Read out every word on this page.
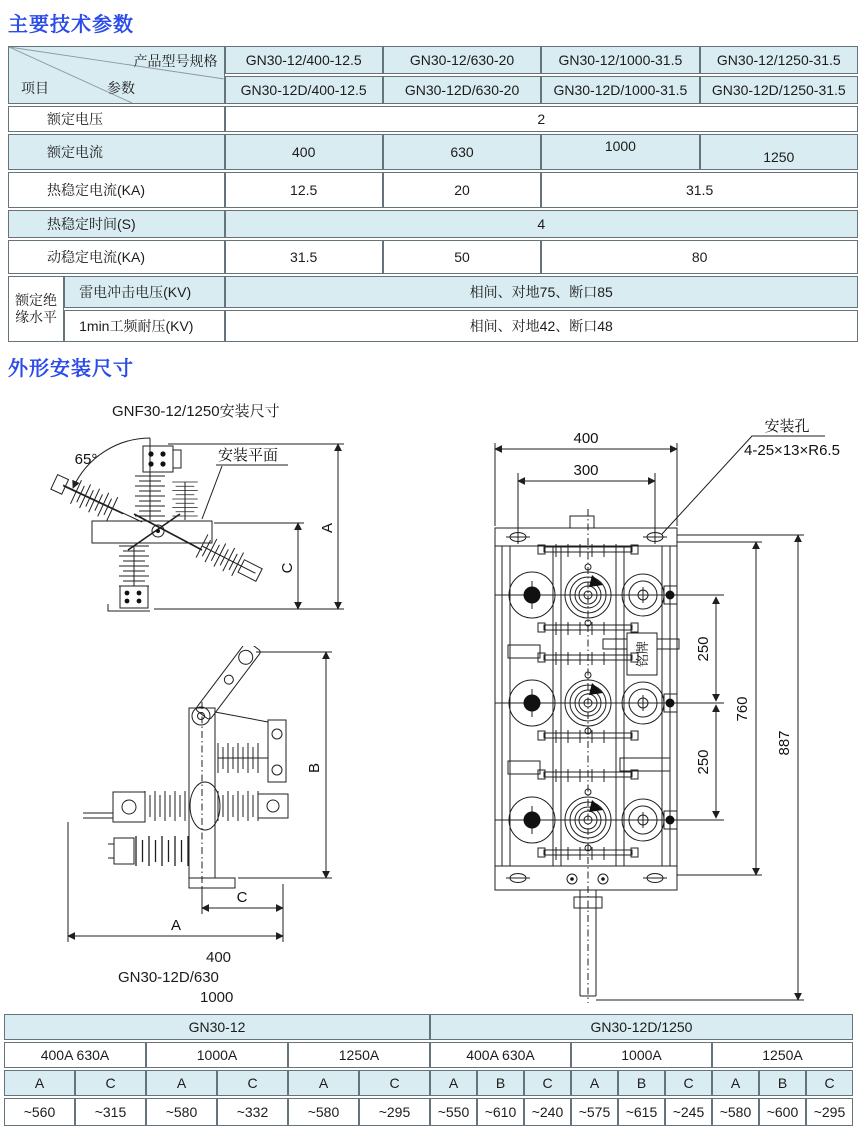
主要技术参数
产品型号规格
项目 参数		GN30-12/400-12.5	GN30-12/630-20	GN30-12/1000-31.5	GN30-12/1250-31.5
		GN30-12D/400-12.5	GN30-12D/630-20	GN30-12D/1000-31.5	GN30-12D/1250-31.5
额定电压		2			
额定电流		400	630	1000	1250
热稳定电流(KA)		12.5	20	31.5	
热稳定时间(S)		4			
动稳定电流(KA)		31.5	50	80	
额定绝缘水平	雷电冲击电压(KV)	相间、对地75、断口85			
	1min工频耐压(KV)	相间、对地42、断口48			
外形安装尺寸
GNF30-12/1250安装尺寸
65°	安装平面
A
C
B
C
A
400
GN30-12D/630
1000
铭牌
400
300
安装孔
4-25×13×R6.5
250
250
760
887
GN30-12						GN30-12D/1250								
400A 630A		1000A		1250A		400A 630A			1000A			1250A		
A	C	A	C	A	C	A	B	C	A	B	C	A	B	C
~560	~315	~580	~332	~580	~295	~550	~610	~240	~575	~615	~245	~580	~600	~295
